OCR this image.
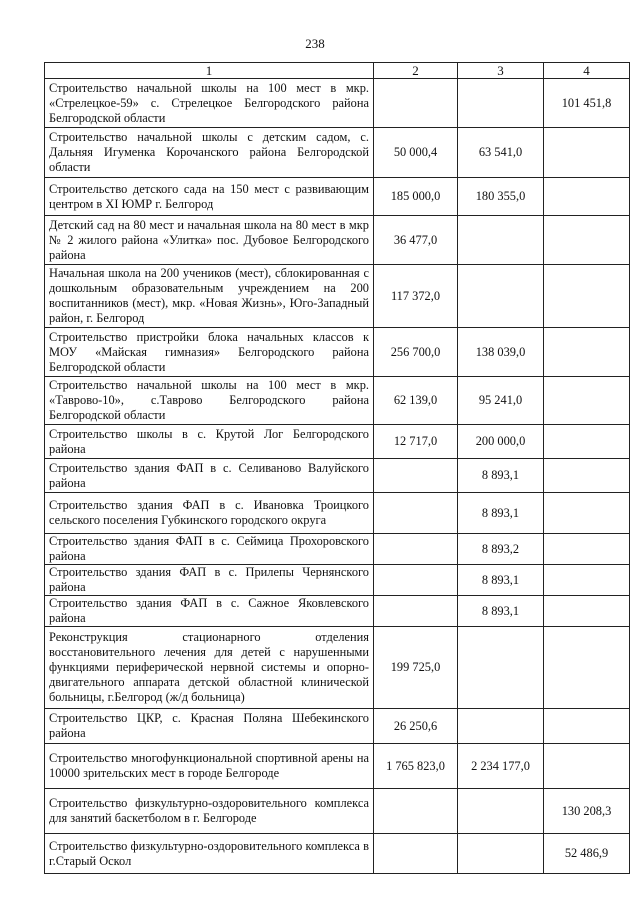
238
1	2	3	4
Строительство начальной школы на 100 мест в мкр. «Стрелецкое-59» с. Стрелецкое Белгородского района Белгородской области			101 451,8
Строительство начальной школы с детским садом, с. Дальняя Игуменка Корочанского района Белгородской области	50 000,4	63 541,0	
Строительство детского сада на 150 мест с развивающим центром в XI ЮМР г. Белгород	185 000,0	180 355,0	
Детский сад на 80 мест и начальная школа на 80 мест в мкр № 2 жилого района «Улитка» пос. Дубовое Белгородского района	36 477,0		
Начальная школа на 200 учеников (мест), сблокированная с дошкольным образовательным учреждением на 200 воспитанников (мест), мкр. «Новая Жизнь», Юго-Западный район, г. Белгород	117 372,0		
Строительство пристройки блока начальных классов к МОУ «Майская гимназия» Белгородского района Белгородской области	256 700,0	138 039,0	
Строительство начальной школы на 100 мест в мкр. «Таврово-10», с.Таврово Белгородского района Белгородской области	62 139,0	95 241,0	
Строительство школы в с. Крутой Лог Белгородского района	12 717,0	200 000,0	
Строительство здания ФАП в с. Селиваново Валуйского района		8 893,1	
Строительство здания ФАП в с. Ивановка Троицкого сельского поселения Губкинского городского округа		8 893,1	
Строительство здания ФАП в с. Сеймица Прохоровского района		8 893,2	
Строительство здания ФАП в с. Прилепы Чернянского района		8 893,1	
Строительство здания ФАП в с. Сажное Яковлевского района		8 893,1	
Реконструкция стационарного отделения восстановительного лечения для детей с нарушенными функциями периферической нервной системы и опорно-двигательного аппарата детской областной клинической больницы, г.Белгород (ж/д больница)	199 725,0		
Строительство ЦКР, с. Красная Поляна Шебекинского района	26 250,6		
Строительство многофункциональной спортивной арены на 10000 зрительских мест в городе Белгороде	1 765 823,0	2 234 177,0	
Строительство физкультурно-оздоровительного комплекса для занятий баскетболом в г. Белгороде			130 208,3
Строительство физкультурно-оздоровительного комплекса в г.Старый Оскол			52 486,9
